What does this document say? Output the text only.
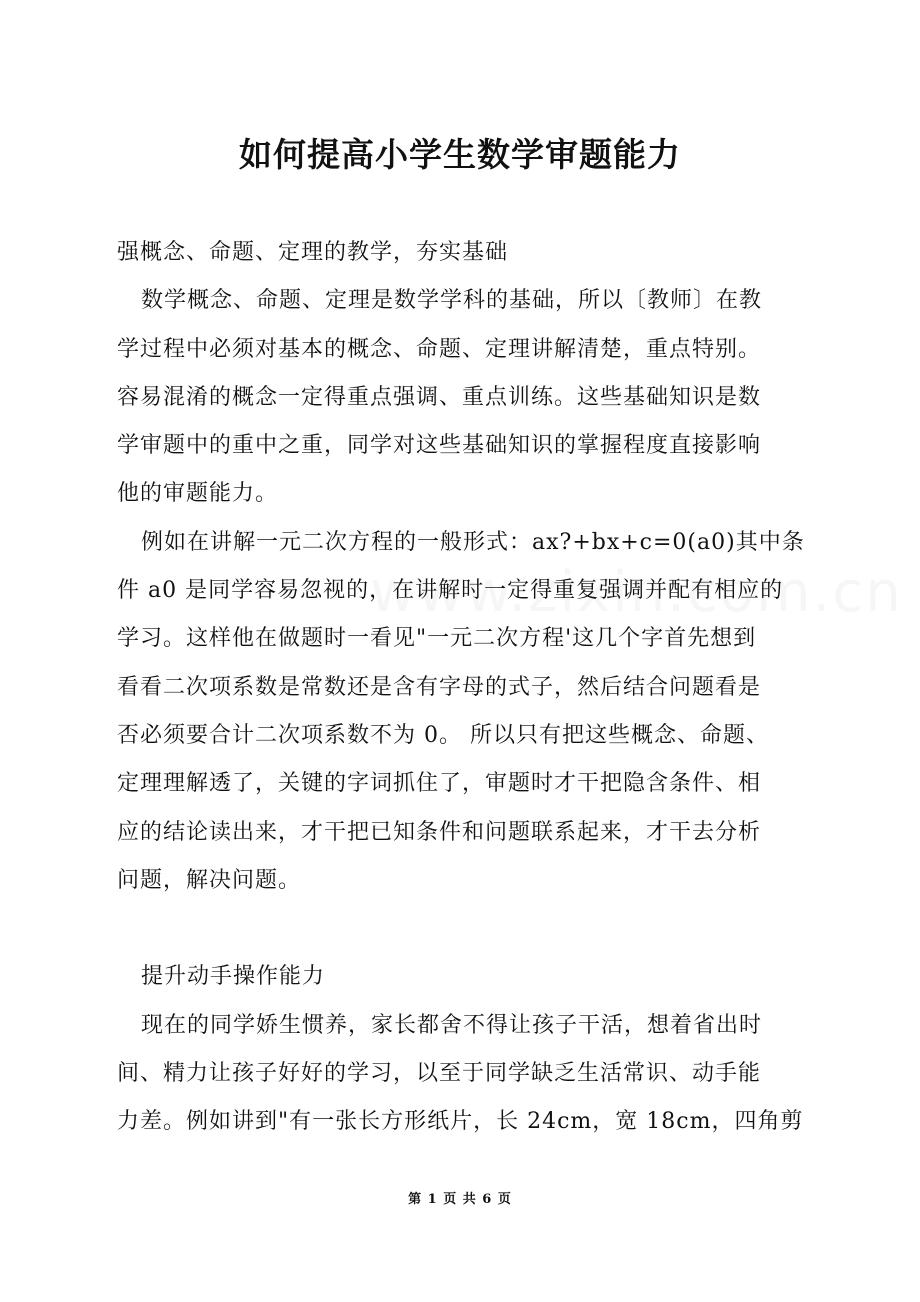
如何提高小学生数学审题能力
强概念、命题、定理的教学，夯实基础
数学概念、命题、定理是数学学科的基础，所以〔教师〕在教
学过程中必须对基本的概念、命题、定理讲解清楚，重点特别。
容易混淆的概念一定得重点强调、重点训练。这些基础知识是数
学审题中的重中之重，同学对这些基础知识的掌握程度直接影响
他的审题能力。
例如在讲解一元二次方程的一般形式：ax?+bx+c=0(a0)其中条
件 a0 是同学容易忽视的，在讲解时一定得重复强调并配有相应的
学习。这样他在做题时一看见"一元二次方程'这几个字首先想到
看看二次项系数是常数还是含有字母的式子，然后结合问题看是
否必须要合计二次项系数不为 0。 所以只有把这些概念、命题、
定理理解透了，关键的字词抓住了，审题时才干把隐含条件、相
应的结论读出来，才干把已知条件和问题联系起来，才干去分析
问题，解决问题。
提升动手操作能力
现在的同学娇生惯养，家长都舍不得让孩子干活，想着省出时
间、精力让孩子好好的学习，以至于同学缺乏生活常识、动手能
力差。例如讲到"有一张长方形纸片，长 24cm，宽 18cm，四角剪
第 1 页 共 6 页
